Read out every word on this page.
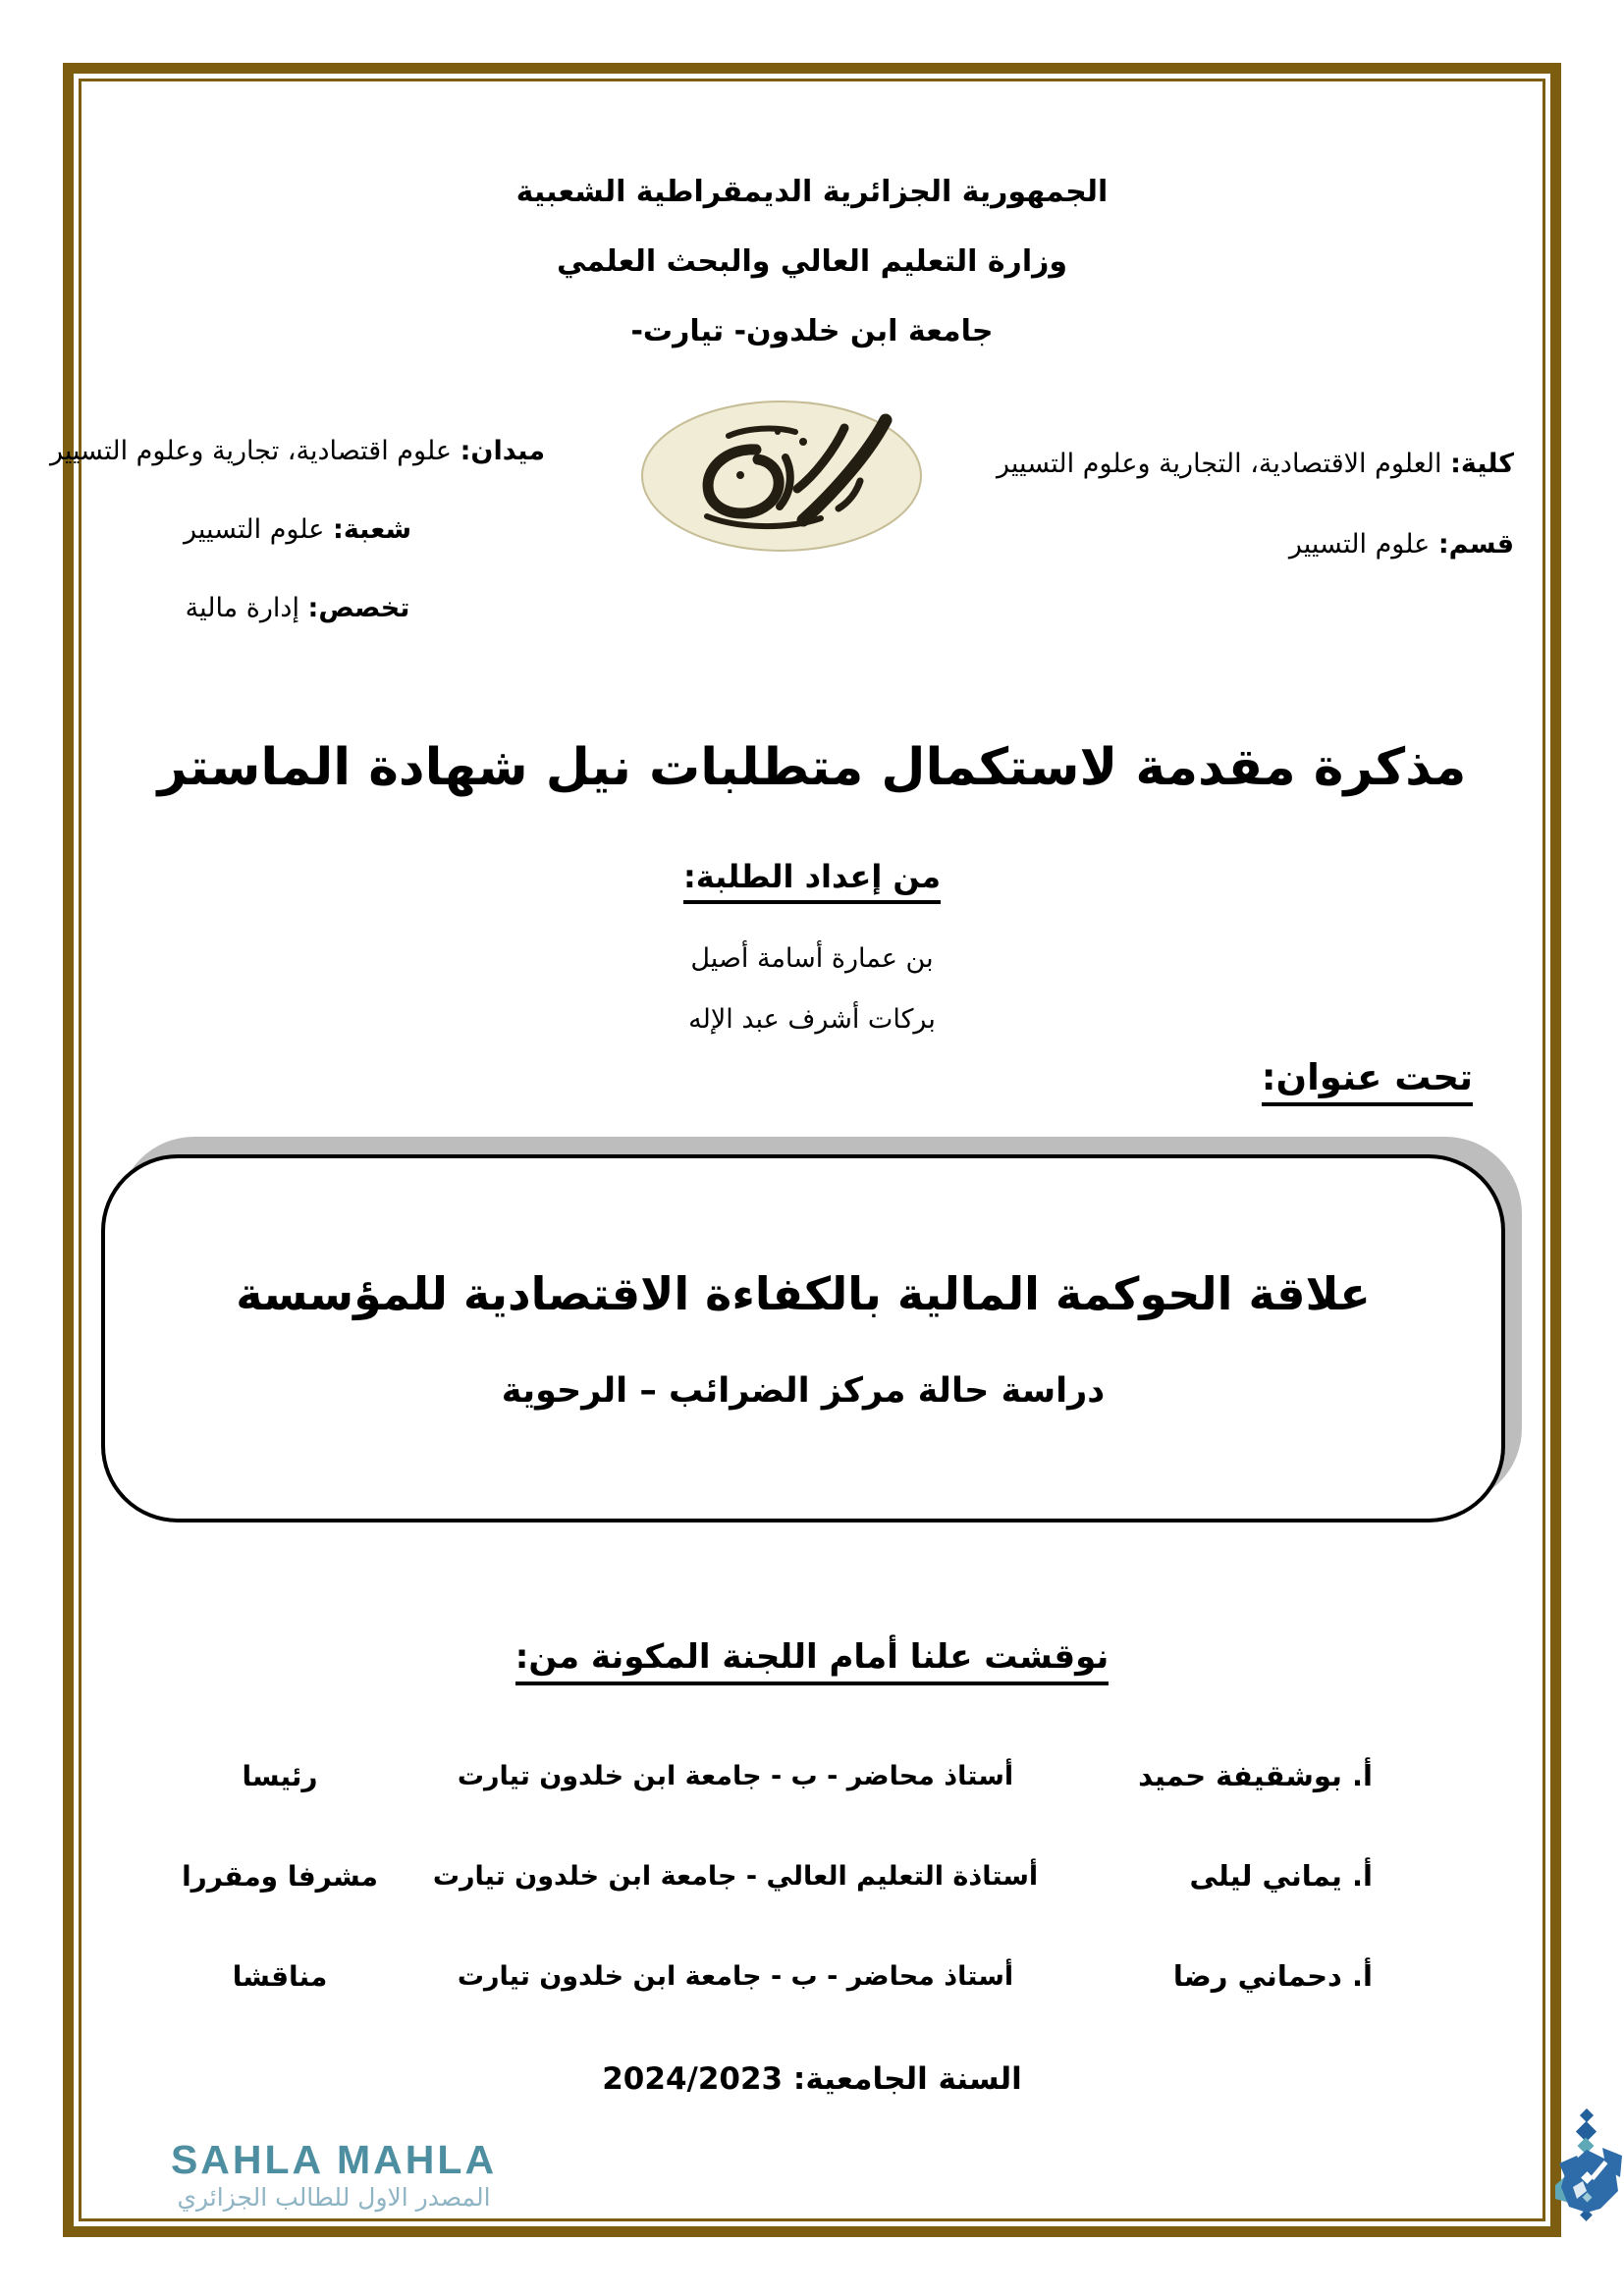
الجمهورية الجزائرية الديمقراطية الشعبية
وزارة التعليم العالي والبحث العلمي
جامعة ابن خلدون- تيارت-
كلية: العلوم الاقتصادية، التجارية وعلوم التسيير
قسم: علوم التسيير
ميدان: علوم اقتصادية، تجارية وعلوم التسيير
شعبة: علوم التسيير
تخصص: إدارة مالية
مذكرة مقدمة لاستكمال متطلبات نيل شهادة الماستر
من إعداد الطلبة:
بن عمارة أسامة أصيل
بركات أشرف عبد الإله
تحت عنوان:
علاقة الحوكمة المالية بالكفاءة الاقتصادية للمؤسسة
دراسة حالة مركز الضرائب – الرحوية
نوقشت علنا أمام اللجنة المكونة من:
أ. بوشقيفة حميد
أستاذ محاضر - ب - جامعة ابن خلدون تيارت
رئيسا
أ. يماني ليلى
أستاذة التعليم العالي - جامعة ابن خلدون تيارت
مشرفا ومقررا
أ. دحماني رضا
أستاذ محاضر - ب - جامعة ابن خلدون تيارت
مناقشا
السنة الجامعية: 2024/2023
SAHLA MAHLA
المصدر الاول للطالب الجزائري
